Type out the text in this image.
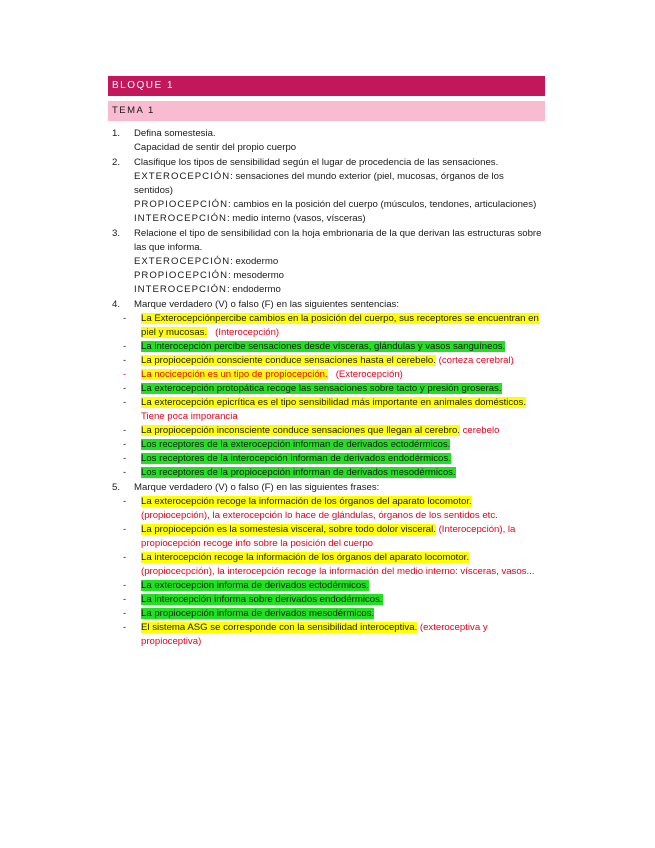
BLOQUE 1
TEMA 1
1. Defina somestesia.
Capacidad de sentir del propio cuerpo
2. Clasifique los tipos de sensibilidad según el lugar de procedencia de las sensaciones.
EXTEROCEPCIÓN: sensaciones del mundo exterior (piel, mucosas, órganos de los sentidos)
PROPIOCEPCIÓN: cambios en la posición del cuerpo (músculos, tendones, articulaciones)
INTEROCEPCIÓN: medio interno (vasos, vísceras)
3. Relacione el tipo de sensibilidad con la hoja embrionaria de la que derivan las estructuras sobre las que informa.
EXTEROCEPCIÓN: exodermo
PROPIOCEPCIÓN: mesodermo
INTEROCEPCIÓN: endodermo
4. Marque verdadero (V) o falso (F) en las siguientes sentencias:
- La Exterocepciónpercibe cambios en la posición del cuerpo, sus receptores se encuentran en piel y mucosas. (Interocepción)
- La interocepción percibe sensaciones desde vísceras, glándulas y vasos sanguíneos.
- La propiocepción consciente conduce sensaciones hasta el cerebelo. (corteza cerebral)
- La nocicepción es un tipo de propiocepción. (Exterocepción)
- La exterocepción protopática recoge las sensaciones sobre tacto y presión groseras.
- La exterocepción epicrítica es el tipo sensibilidad más importante en animales domésticos.   Tiene poca imporancia
- La propiocepción inconsciente conduce sensaciones que llegan al cerebro. cerebelo
- Los receptores de la exterocepción informan de derivados ectodérmicos.
- Los receptores de la interocepción informan de derivados endodérmicos.
- Los receptores de la propiocepción informan de derivados mesodérmicos.
5. Marque verdadero (V) o falso (F) en las siguientes frases:
- La exterocepción recoge la información de los órganos del aparato locomotor.   (propiocepción), la exterocepción lo hace de glándulas, órganos de los sentidos etc.
- La propiocepción es la somestesia visceral, sobre todo dolor visceral. (Interocepción), la propiocepción recoge info sobre la posición del cuerpo
- La interocepción recoge la información de los órganos del aparato locomotor. (propiocecpción), la interocepción recoge la información del medio interno: vísceras, vasos...
- La exterocepcion informa de derivados ectodérmicos.
- La interocepción informa sobre derivados endodérmicos.
- La propiocepción informa de derivados mesodérmicos.
- El sistema ASG se corresponde con la sensibilidad interoceptiva. (exteroceptiva y propioceptiva)
